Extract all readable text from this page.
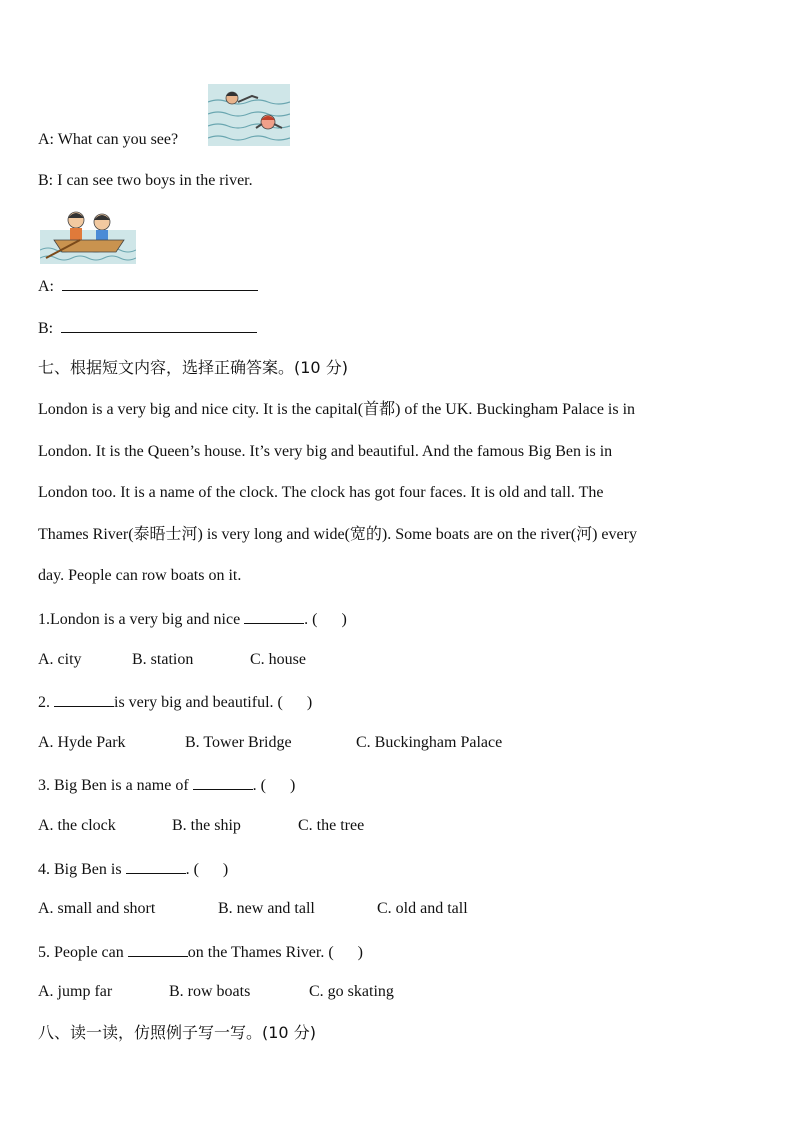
A: What can you see?
B: I can see two boys in the river.
A:
B:
七、根据短文内容，选择正确答案。(10 分)
London is a very big and nice city. It is the capital(首都) of the UK. Buckingham Palace is in
London. It is the Queen’s house. It’s very big and beautiful. And the famous Big Ben is in
London too. It is a name of the clock. The clock has got four faces. It is old and tall. The
Thames River(泰晤士河) is very long and wide(宽的). Some boats are on the river(河) every
day. People can row boats on it.
1.London is a very big and nice	. ( )
A. city	B. station	C. house
2.	is very big and beautiful. ( )
A. Hyde Park	B. Tower Bridge	C. Buckingham Palace
3. Big Ben is a name of	. ( )
A. the clock	B. the ship	C. the tree
4. Big Ben is	. ( )
A. small and short	B. new and tall	C. old and tall
5. People can	on the Thames River. ( )
A. jump far	B. row boats	C. go skating
八、读一读，仿照例子写一写。(10 分)
